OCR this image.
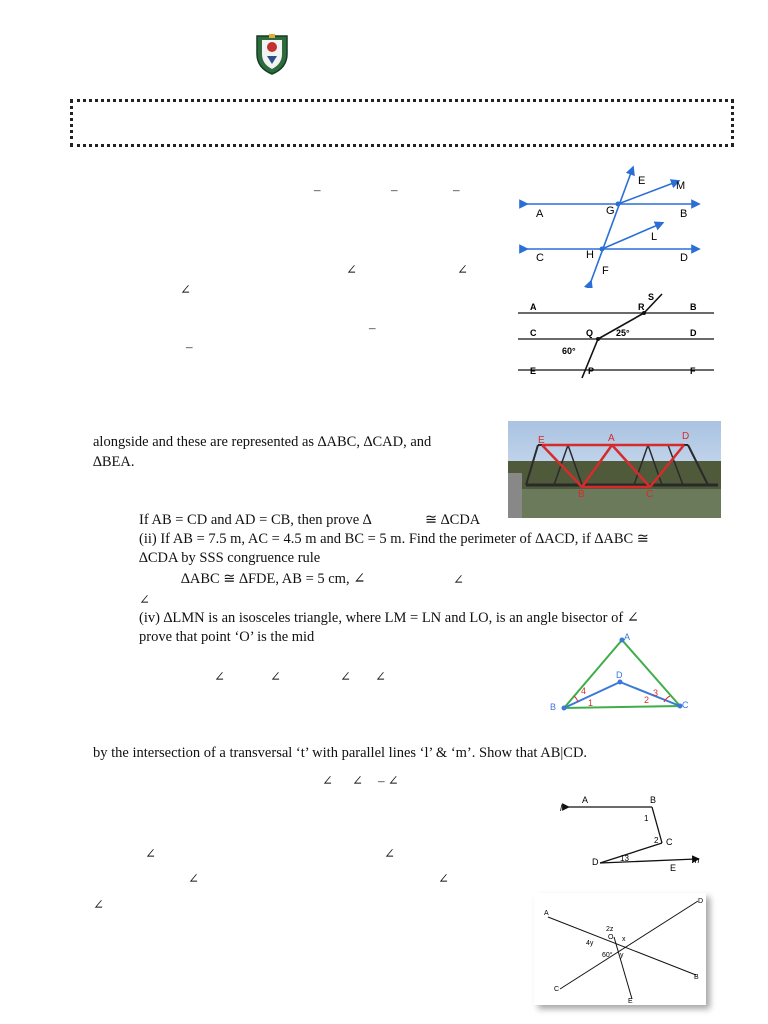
–	–	–
∠	∠
∠
–
–
E	M
A	G	B
L
C	H	D
F
A
S
B
R
C	Q	25°	D
60°
E	P	F
alongside and these are represented as ∆ABC, ∆CAD, and
∆BEA.
E	A	D
B	C
If AB = CD and AD = CB, then prove ∆	≅ ∆CDA
(ii) If AB = 7.5 m, AC = 4.5 m and BC = 5 m. Find the perimeter of ∆ACD, if ∆ABC ≅
∆CDA by SSS congruence rule
∆ABC ≅ ∆FDE, AB = 5 cm, ∠	∠
∠
(iv) ∆LMN is an isosceles triangle, where LM = LN and LO, is an angle bisector of ∠
prove that point ‘O’ is the mid
∠	∠	∠ ∠
A
D
4	3
B	1	2	C
by the intersection of a transversal ‘t’ with parallel lines ‘l’ & ‘m’. Show that AB|CD.
∠ ∠ – ∠
l
A	B
1
2 C
D	13
E
m
∠	∠
∠	∠
∠
A
D
2z
O
4y
x
60° y
C
B
E
